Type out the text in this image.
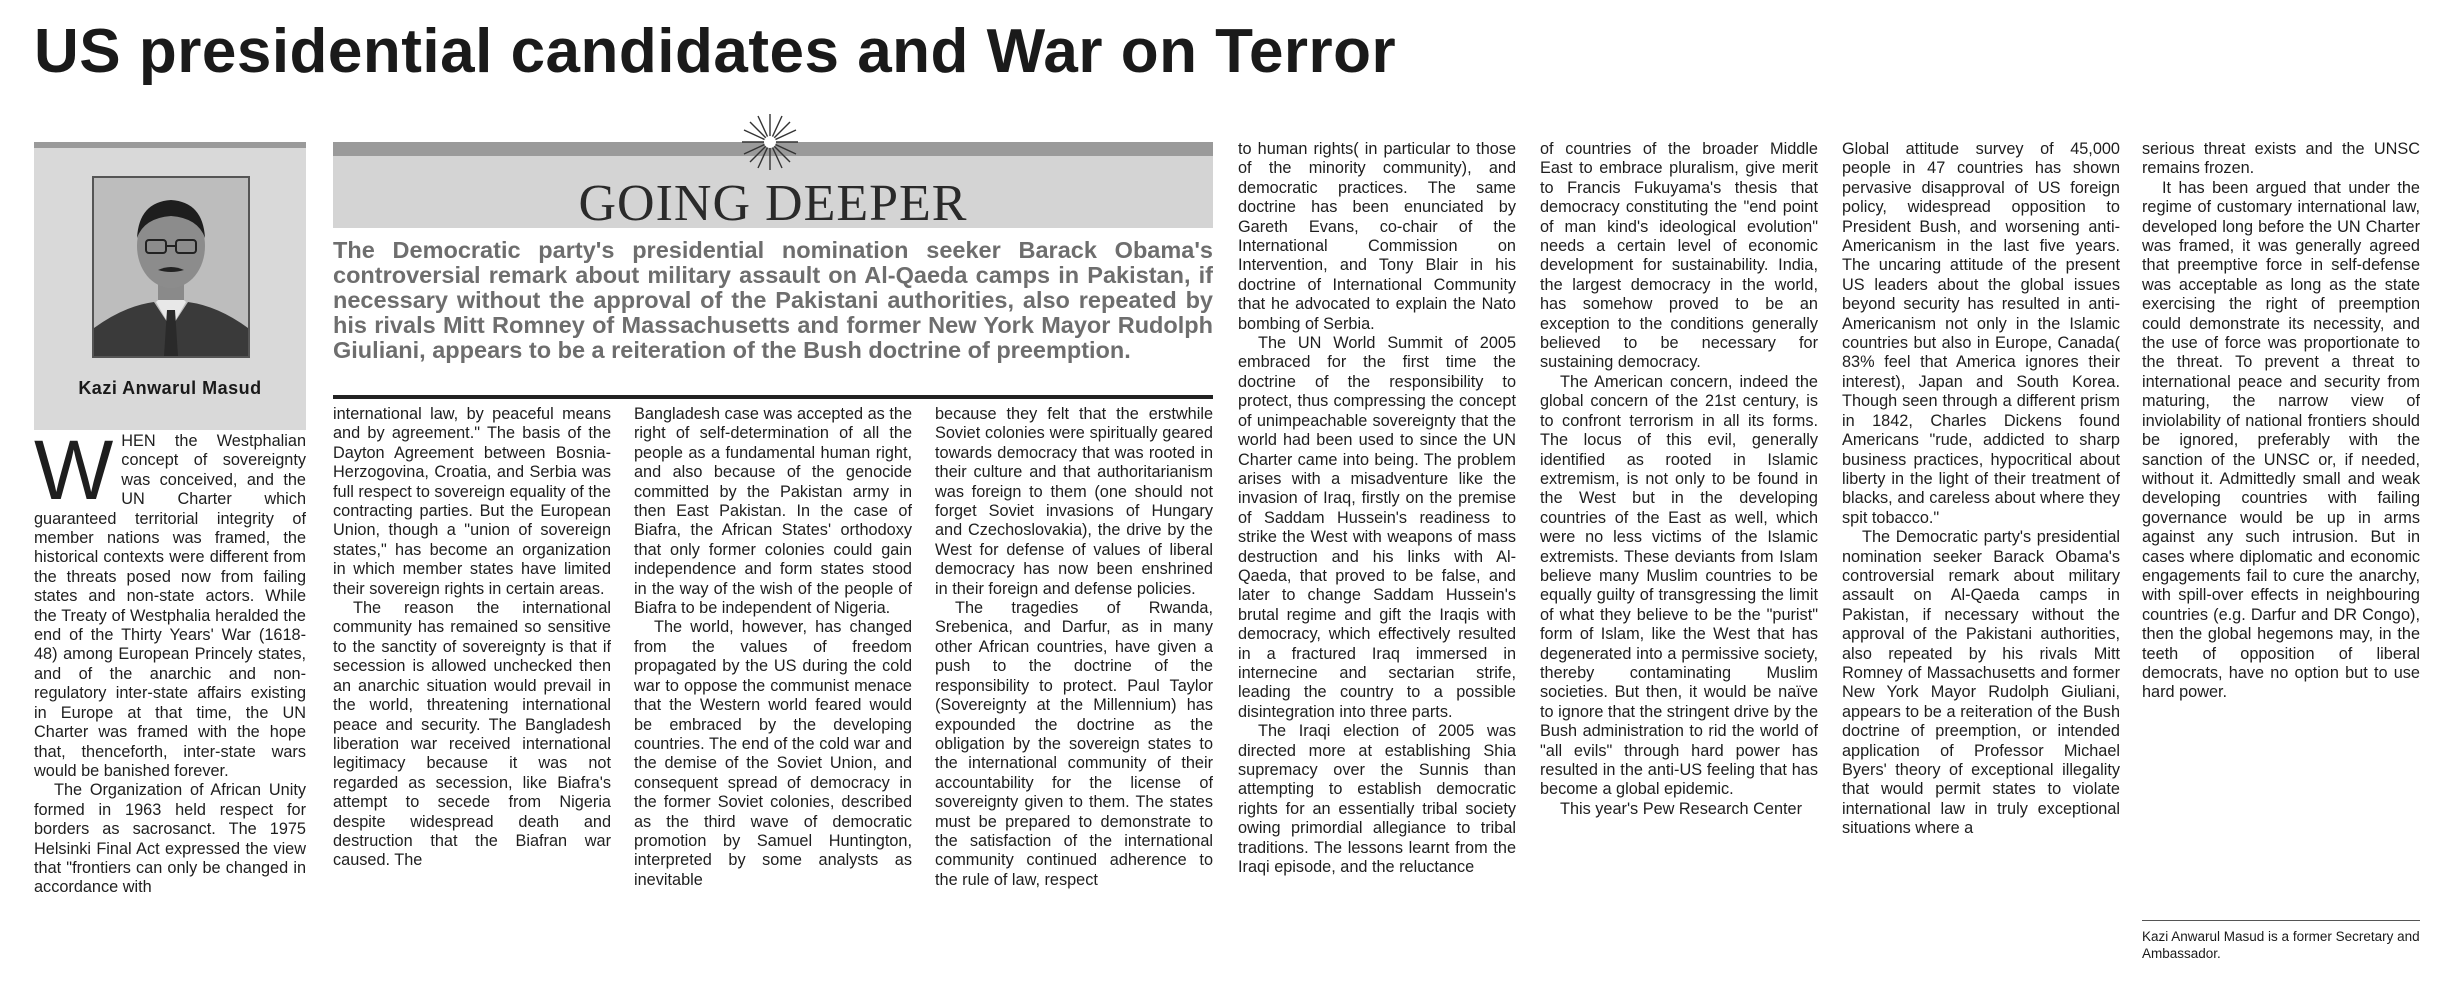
US presidential candidates and War on Terror
Kazi Anwarul Masud

WHEN the Westphalian concept of sovereignty was conceived, and the UN Charter which guaranteed territorial integrity of member nations was framed, the historical contexts were different from the threats posed now from failing states and non-state actors. While the Treaty of Westphalia heralded the end of the Thirty Years' War (1618-48) among European Princely states, and of the anarchic and non-regulatory inter-state affairs existing in Europe at that time, the UN Charter was framed with the hope that, thenceforth, inter-state wars would be banished forever.

The Organization of African Unity formed in 1963 held respect for borders as sacrosanct. The 1975 Helsinki Final Act expressed the view that "frontiers can only be changed in accordance with

GOING DEEPER

The Democratic party's presidential nomination seeker Barack Obama's controversial remark about military assault on Al-Qaeda camps in Pakistan, if necessary without the approval of the Pakistani authorities, also repeated by his rivals Mitt Romney of Massachusetts and former New York Mayor Rudolph Giuliani, appears to be a reiteration of the Bush doctrine of preemption.

international law, by peaceful means and by agreement." The basis of the Dayton Agreement between Bosnia-Herzogovina, Croatia, and Serbia was full respect to sovereign equality of the contracting parties. But the European Union, though a "union of sovereign states," has become an organization in which member states have limited their sovereign rights in certain areas.

The reason the international community has remained so sensitive to the sanctity of sovereignty is that if secession is allowed unchecked then an anarchic situation would prevail in the world, threatening international peace and security. The Bangladesh liberation war received international legitimacy because it was not regarded as secession, like Biafra's attempt to secede from Nigeria despite widespread death and destruction that the Biafran war caused. The

Bangladesh case was accepted as the right of self-determination of all the people as a fundamental human right, and also because of the genocide committed by the Pakistan army in then East Pakistan. In the case of Biafra, the African States' orthodoxy that only former colonies could gain independence and form states stood in the way of the wish of the people of Biafra to be independent of Nigeria.

The world, however, has changed from the values of freedom propagated by the US during the cold war to oppose the communist menace that the Western world feared would be embraced by the developing countries. The end of the cold war and the demise of the Soviet Union, and consequent spread of democracy in the former Soviet colonies, described as the third wave of democratic promotion by Samuel Huntington, interpreted by some analysts as inevitable

because they felt that the erstwhile Soviet colonies were spiritually geared towards democracy that was rooted in their culture and that authoritarianism was foreign to them (one should not forget Soviet invasions of Hungary and Czechoslovakia), the drive by the West for defense of values of liberal democracy has now been enshrined in their foreign and defense policies.

The tragedies of Rwanda, Srebenica, and Darfur, as in many other African countries, have given a push to the doctrine of the responsibility to protect. Paul Taylor (Sovereignty at the Millennium) has expounded the doctrine as the obligation by the sovereign states to the international community of their accountability for the license of sovereignty given to them. The states must be prepared to demonstrate to the satisfaction of the international community continued adherence to the rule of law, respect

to human rights( in particular to those of the minority community), and democratic practices. The same doctrine has been enunciated by Gareth Evans, co-chair of the International Commission on Intervention, and Tony Blair in his doctrine of International Community that he advocated to explain the Nato bombing of Serbia.

The UN World Summit of 2005 embraced for the first time the doctrine of the responsibility to protect, thus compressing the concept of unimpeachable sovereignty that the world had been used to since the UN Charter came into being. The problem arises with a misadventure like the invasion of Iraq, firstly on the premise of Saddam Hussein's readiness to strike the West with weapons of mass destruction and his links with Al-Qaeda, that proved to be false, and later to change Saddam Hussein's brutal regime and gift the Iraqis with democracy, which effectively resulted in a fractured Iraq immersed in internecine and sectarian strife, leading the country to a possible disintegration into three parts.

The Iraqi election of 2005 was directed more at establishing Shia supremacy over the Sunnis than attempting to establish democratic rights for an essentially tribal society owing primordial allegiance to tribal traditions. The lessons learnt from the Iraqi episode, and the reluctance

of countries of the broader Middle East to embrace pluralism, give merit to Francis Fukuyama's thesis that democracy constituting the "end point of man kind's ideological evolution" needs a certain level of economic development for sustainability. India, the largest democracy in the world, has somehow proved to be an exception to the conditions generally believed to be necessary for sustaining democracy.

The American concern, indeed the global concern of the 21st century, is to confront terrorism in all its forms. The locus of this evil, generally identified as rooted in Islamic extremism, is not only to be found in the West but in the developing countries of the East as well, which were no less victims of the Islamic extremists. These deviants from Islam believe many Muslim countries to be equally guilty of transgressing the limit of what they believe to be the "purist" form of Islam, like the West that has degenerated into a permissive society, thereby contaminating Muslim societies. But then, it would be naïve to ignore that the stringent drive by the Bush administration to rid the world of "all evils" through hard power has resulted in the anti-US feeling that has become a global epidemic.

This year's Pew Research Center

Global attitude survey of 45,000 people in 47 countries has shown pervasive disapproval of US foreign policy, widespread opposition to President Bush, and worsening anti-Americanism in the last five years. The uncaring attitude of the present US leaders about the global issues beyond security has resulted in anti-Americanism not only in the Islamic countries but also in Europe, Canada( 83% feel that America ignores their interest), Japan and South Korea. Though seen through a different prism in 1842, Charles Dickens found Americans "rude, addicted to sharp business practices, hypocritical about liberty in the light of their treatment of blacks, and careless about where they spit tobacco."

The Democratic party's presidential nomination seeker Barack Obama's controversial remark about military assault on Al-Qaeda camps in Pakistan, if necessary without the approval of the Pakistani authorities, also repeated by his rivals Mitt Romney of Massachusetts and former New York Mayor Rudolph Giuliani, appears to be a reiteration of the Bush doctrine of preemption, or intended application of Professor Michael Byers' theory of exceptional illegality that would permit states to violate international law in truly exceptional situations where a

serious threat exists and the UNSC remains frozen.

It has been argued that under the regime of customary international law, developed long before the UN Charter was framed, it was generally agreed that preemptive force in self-defense was acceptable as long as the state exercising the right of preemption could demonstrate its necessity, and the use of force was proportionate to the threat. To prevent a threat to international peace and security from maturing, the narrow view of inviolability of national frontiers should be ignored, preferably with the sanction of the UNSC or, if needed, without it. Admittedly small and weak developing countries with failing governance would be up in arms against any such intrusion. But in cases where diplomatic and economic engagements fail to cure the anarchy, with spill-over effects in neighbouring countries (e.g. Darfur and DR Congo), then the global hegemons may, in the teeth of opposition of liberal democrats, have no option but to use hard power.

Kazi Anwarul Masud is a former Secretary and Ambassador.
